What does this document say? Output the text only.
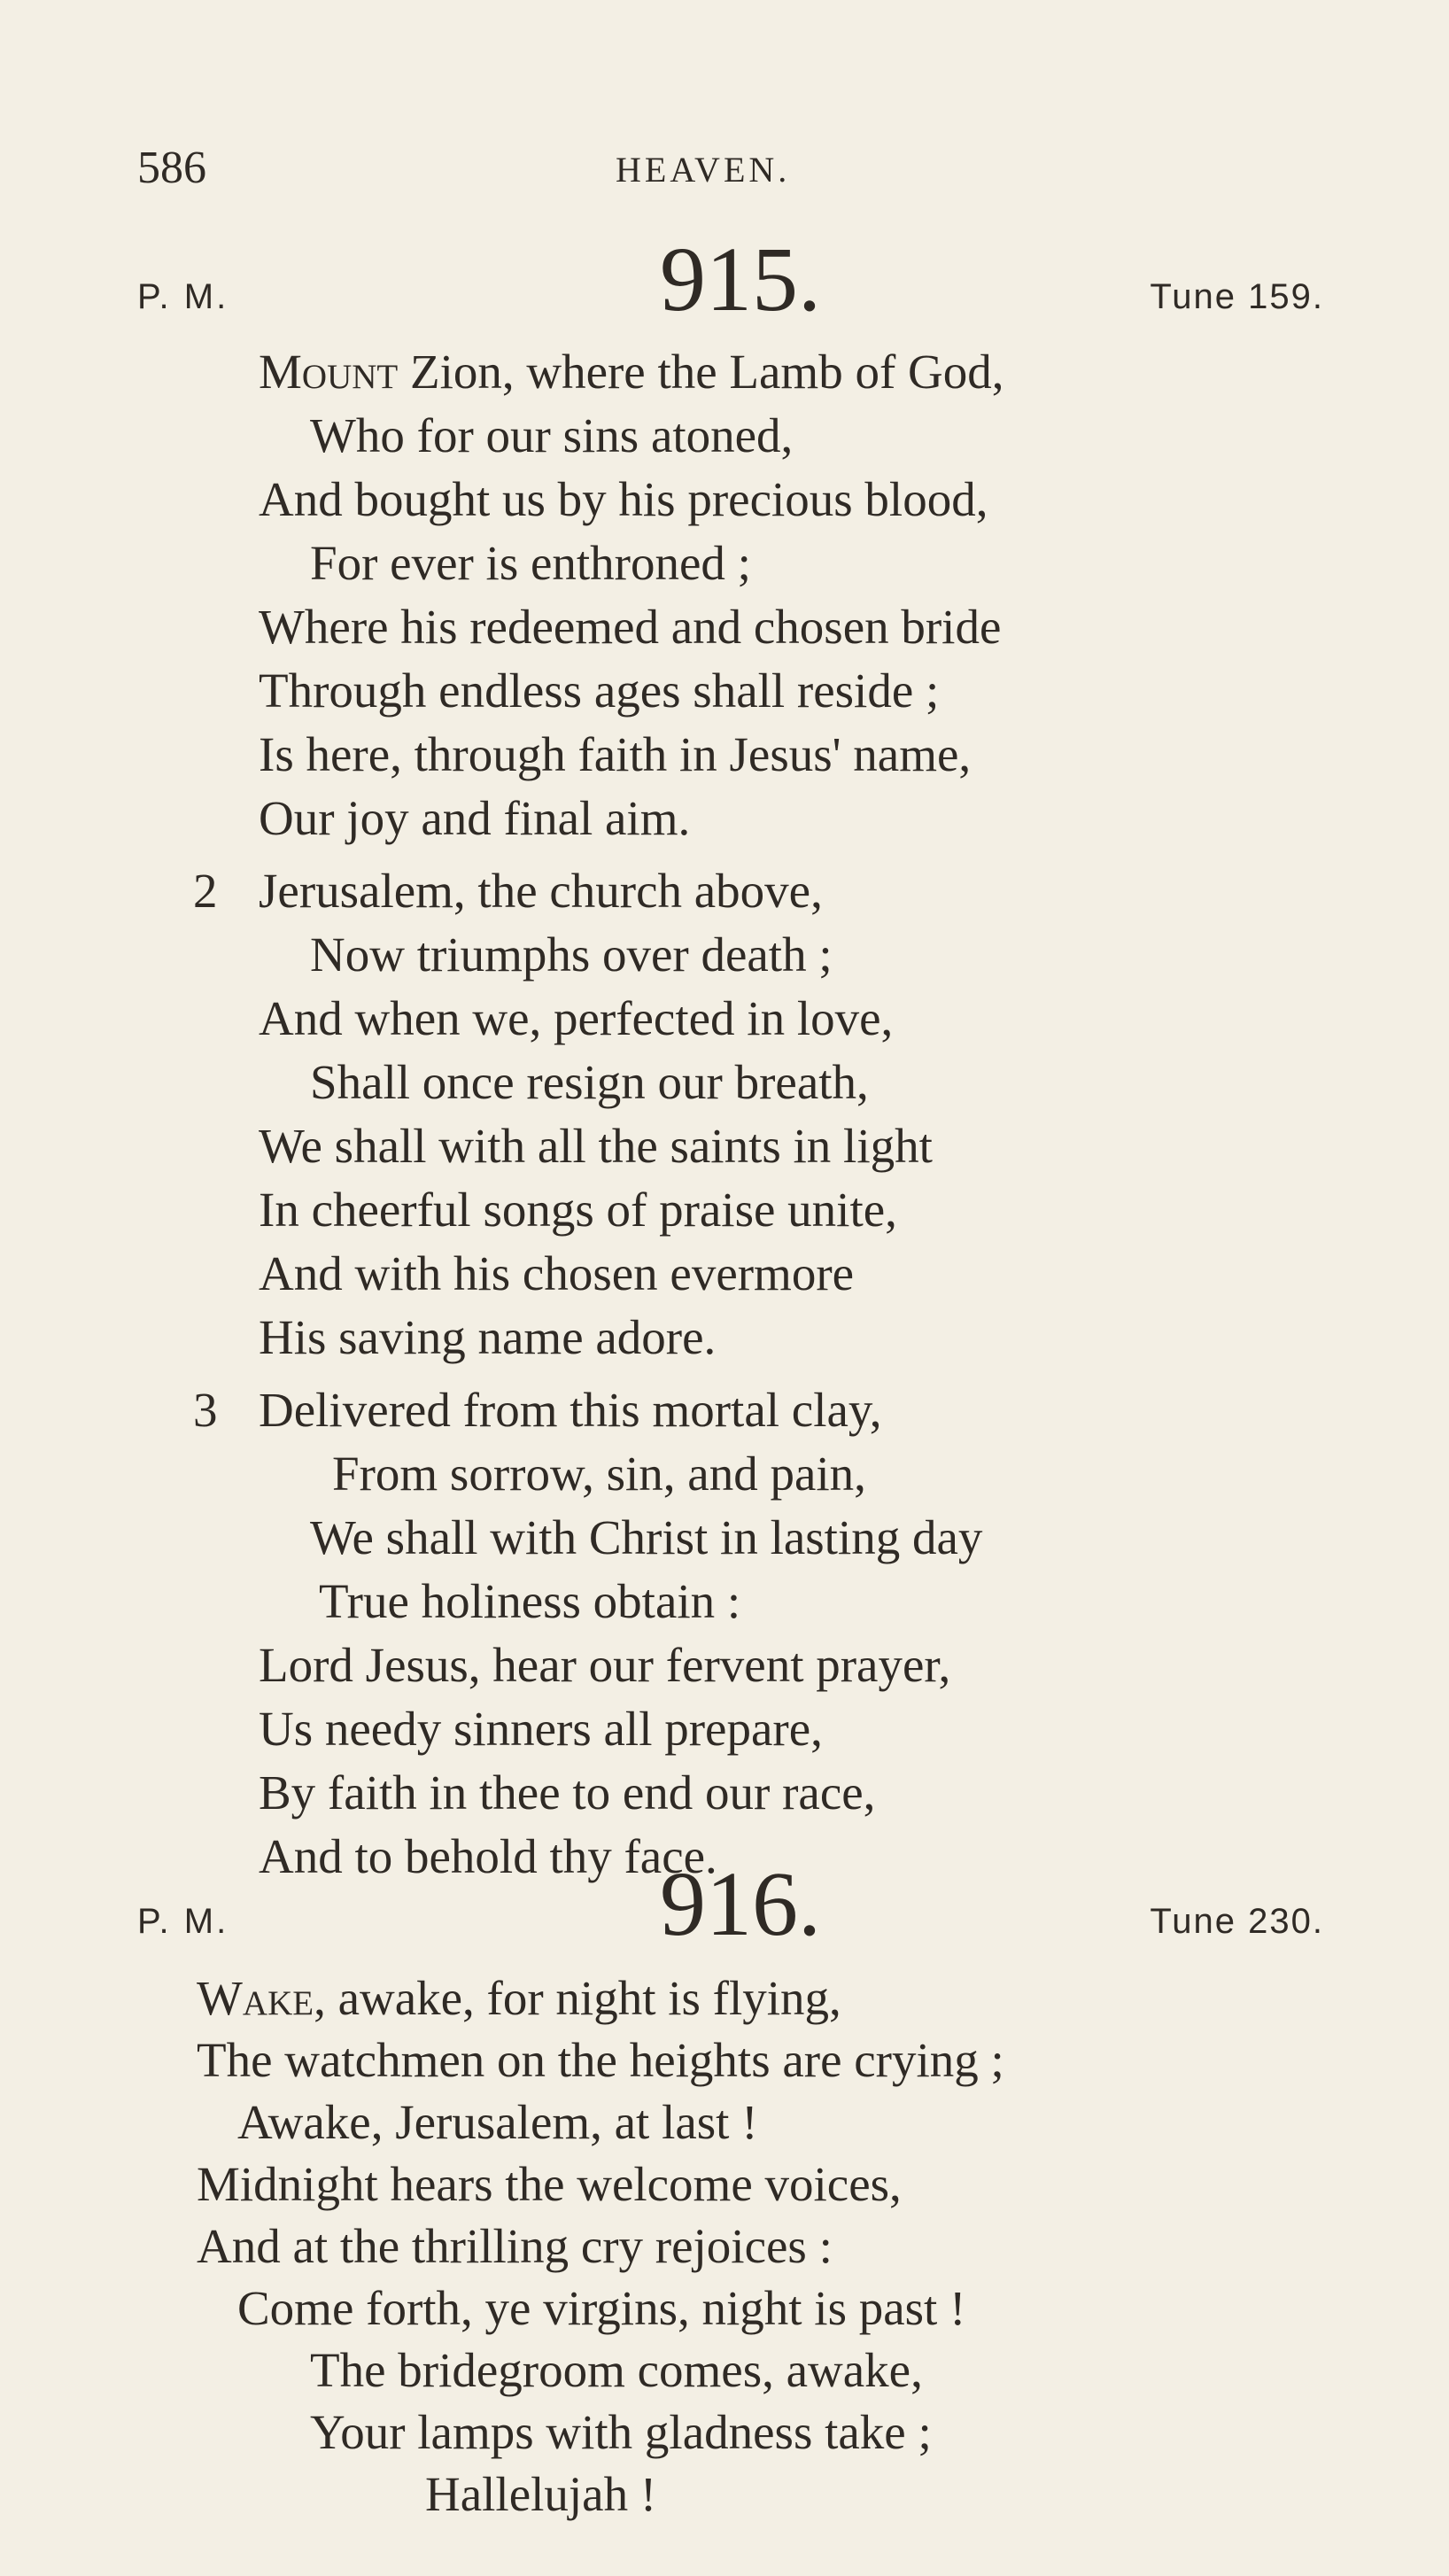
586	HEAVEN.
P. M.	915.	Tune 159.
Mount Zion, where the Lamb of God,
Who for our sins atoned,
And bought us by his precious blood,
For ever is enthroned ;
Where his redeemed and chosen bride
Through endless ages shall reside ;
Is here, through faith in Jesus' name,
Our joy and final aim.
2 Jerusalem, the church above,
Now triumphs over death ;
And when we, perfected in love,
Shall once resign our breath,
We shall with all the saints in light
In cheerful songs of praise unite,
And with his chosen evermore
His saving name adore.
3 Delivered from this mortal clay,
From sorrow, sin, and pain,
We shall with Christ in lasting day
True holiness obtain :
Lord Jesus, hear our fervent prayer,
Us needy sinners all prepare,
By faith in thee to end our race,
And to behold thy face.
P. M.	916.	Tune 230.
Wake, awake, for night is flying,
The watchmen on the heights are crying ;
Awake, Jerusalem, at last !
Midnight hears the welcome voices,
And at the thrilling cry rejoices :
Come forth, ye virgins, night is past !
The bridegroom comes, awake,
Your lamps with gladness take ;
Hallelujah !
